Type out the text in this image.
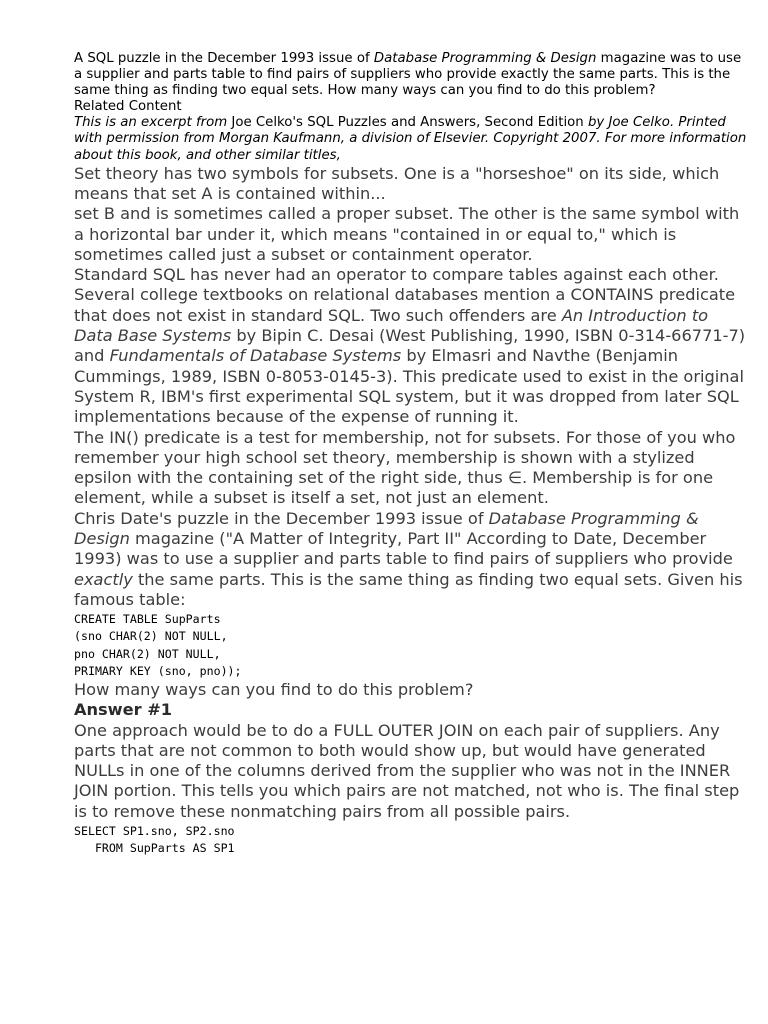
A SQL puzzle in the December 1993 issue of Database Programming & Design magazine was to use a supplier and parts table to find pairs of suppliers who provide exactly the same parts. This is the same thing as finding two equal sets. How many ways can you find to do this problem?

Related Content

This is an excerpt from Joe Celko's SQL Puzzles and Answers, Second Edition by Joe Celko. Printed with permission from Morgan Kaufmann, a division of Elsevier. Copyright 2007. For more information about this book, and other similar titles,

Set theory has two symbols for subsets. One is a "horseshoe" on its side, which means that set A is contained within...

set B and is sometimes called a proper subset. The other is the same symbol with a horizontal bar under it, which means "contained in or equal to," which is sometimes called just a subset or containment operator.

Standard SQL has never had an operator to compare tables against each other. Several college textbooks on relational databases mention a CONTAINS predicate that does not exist in standard SQL. Two such offenders are An Introduction to Data Base Systems by Bipin C. Desai (West Publishing, 1990, ISBN 0-314-66771-7) and Fundamentals of Database Systems by Elmasri and Navthe (Benjamin Cummings, 1989, ISBN 0-8053-0145-3). This predicate used to exist in the original System R, IBM's first experimental SQL system, but it was dropped from later SQL implementations because of the expense of running it.

The IN() predicate is a test for membership, not for subsets. For those of you who remember your high school set theory, membership is shown with a stylized epsilon with the containing set of the right side, thus ∈. Membership is for one element, while a subset is itself a set, not just an element.

Chris Date's puzzle in the December 1993 issue of Database Programming & Design magazine ("A Matter of Integrity, Part II" According to Date, December 1993) was to use a supplier and parts table to find pairs of suppliers who provide exactly the same parts. This is the same thing as finding two equal sets. Given his famous table:

CREATE TABLE SupParts
(sno CHAR(2) NOT NULL,
pno CHAR(2) NOT NULL,
PRIMARY KEY (sno, pno));

How many ways can you find to do this problem?

Answer #1

One approach would be to do a FULL OUTER JOIN on each pair of suppliers. Any parts that are not common to both would show up, but would have generated NULLs in one of the columns derived from the supplier who was not in the INNER JOIN portion. This tells you which pairs are not matched, not who is. The final step is to remove these nonmatching pairs from all possible pairs.

SELECT SP1.sno, SP2.sno
FROM SupParts AS SP1
